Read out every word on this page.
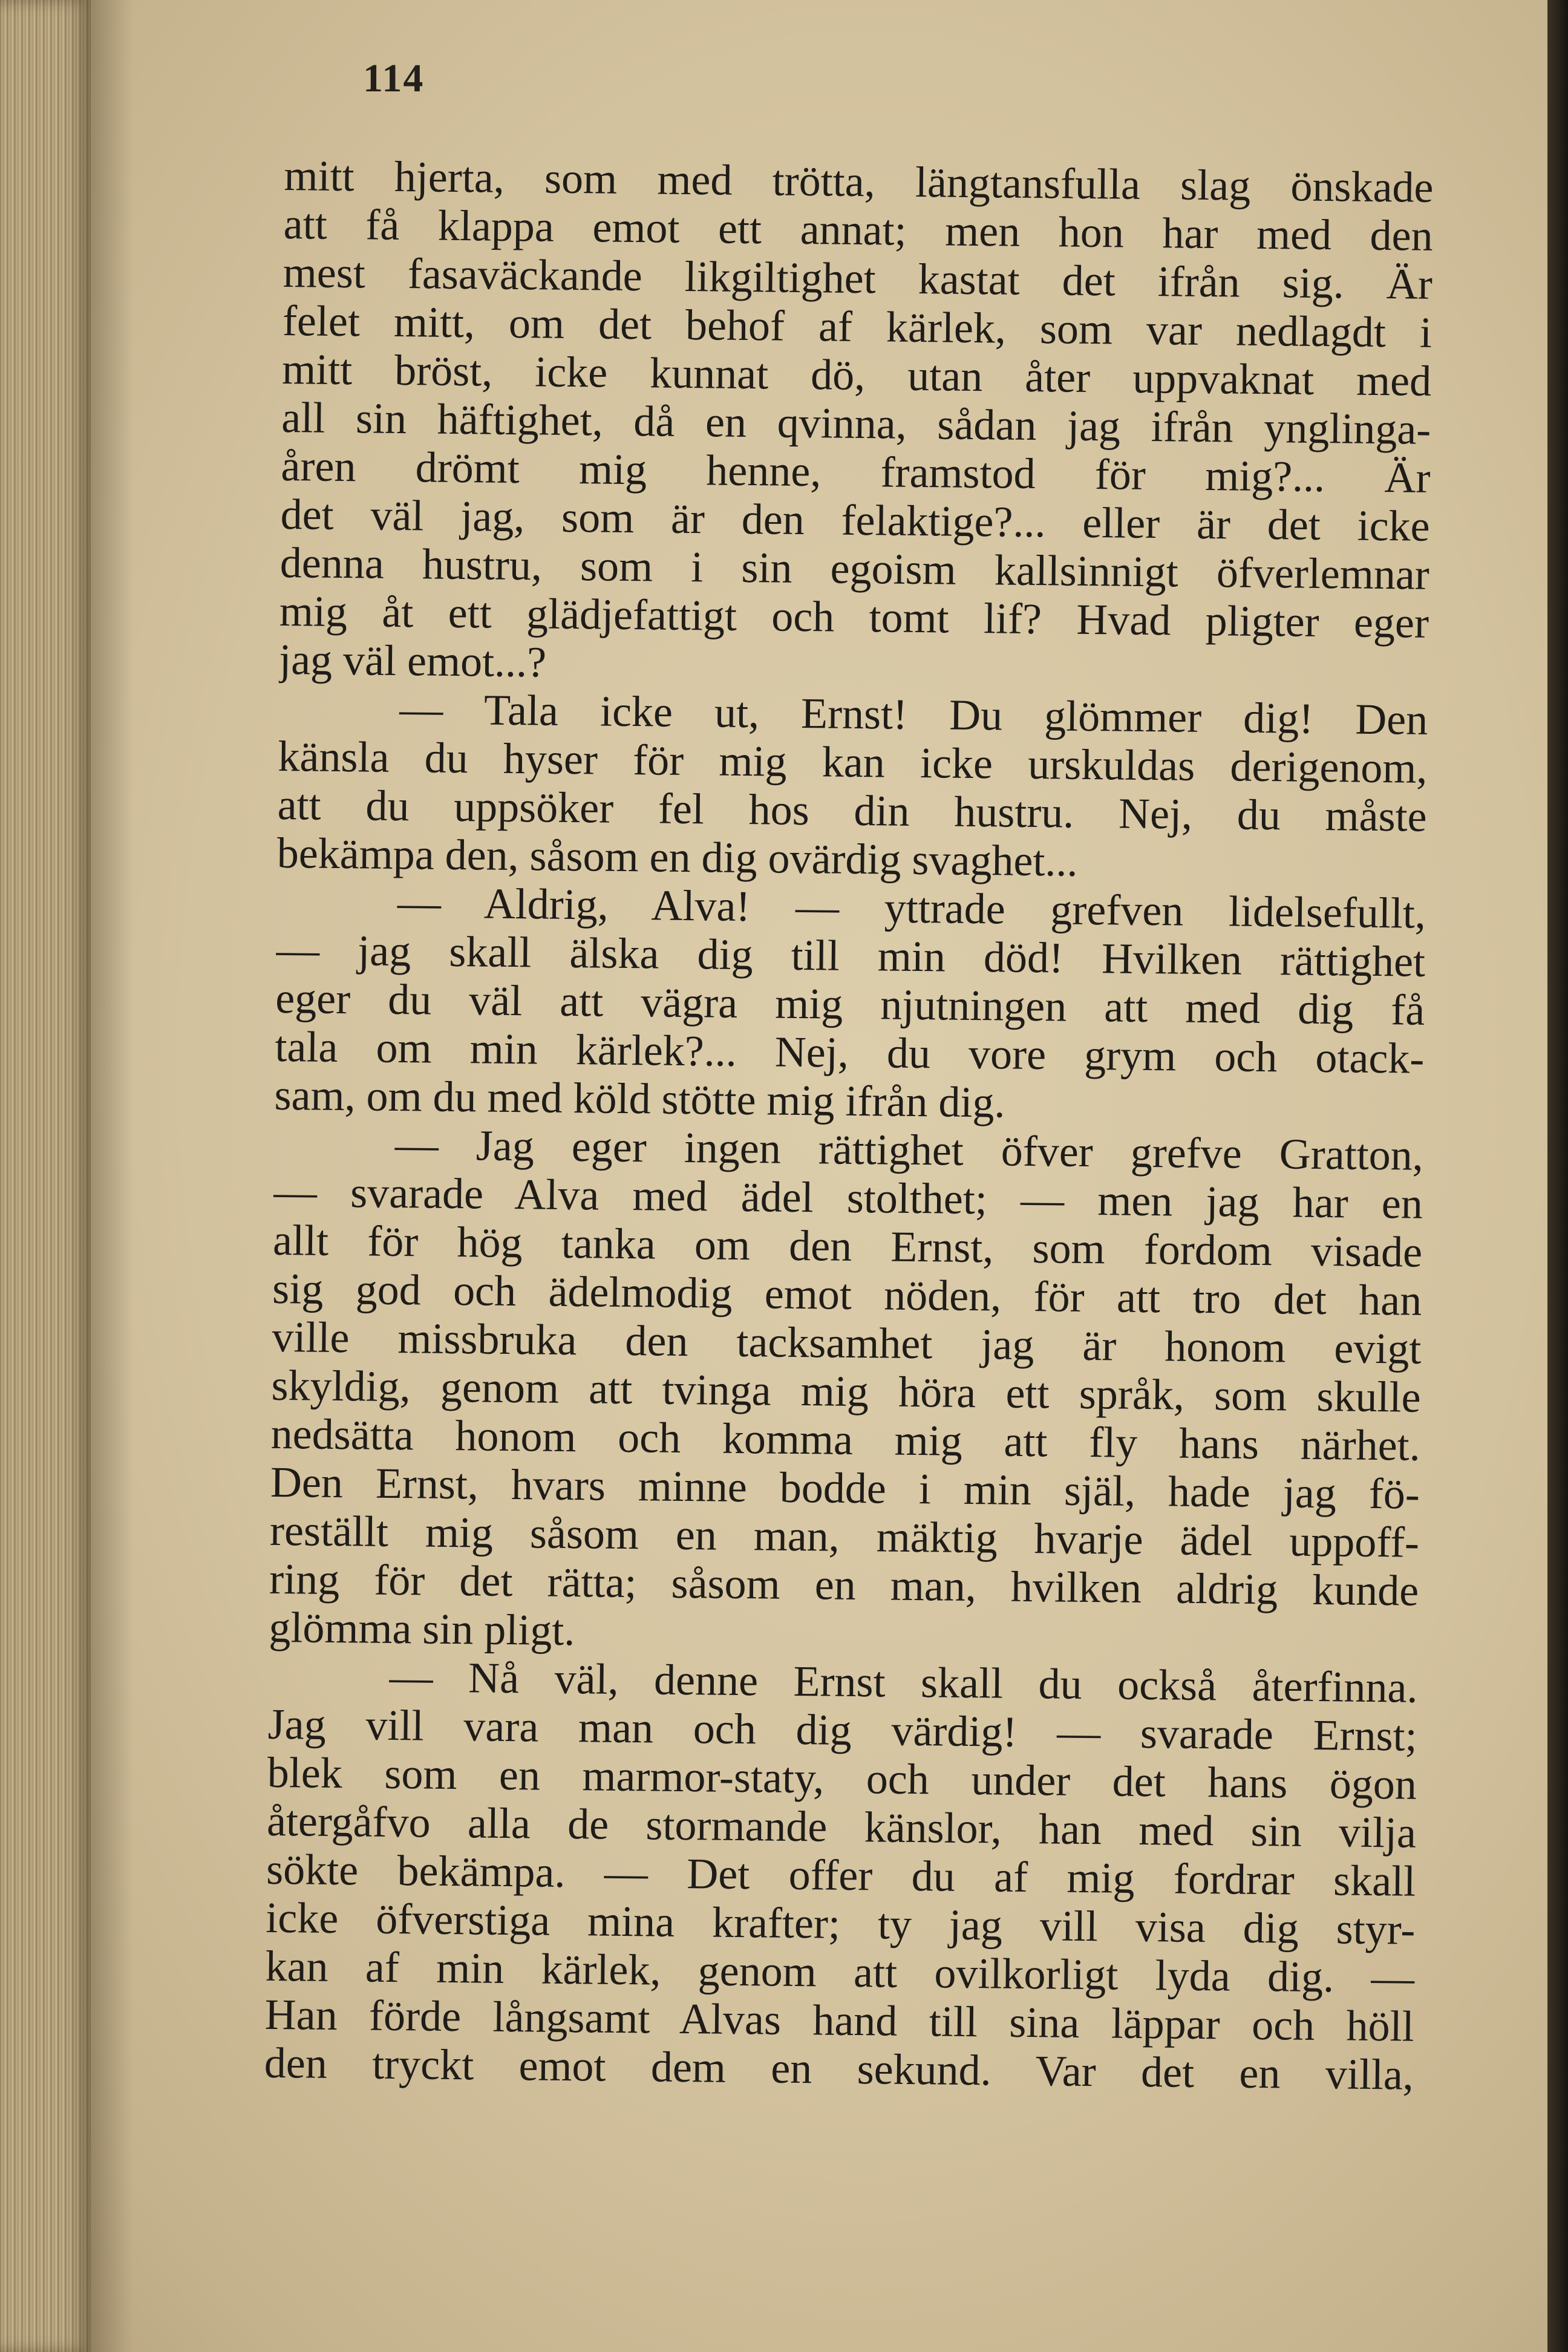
114
mitt hjerta, som med trötta, längtansfulla slag önskade
att få klappa emot ett annat; men hon har med den
mest fasaväckande likgiltighet kastat det ifrån sig. Är
felet mitt, om det behof af kärlek, som var nedlagdt i
mitt bröst, icke kunnat dö, utan åter uppvaknat med
all sin häftighet, då en qvinna, sådan jag ifrån ynglinga-
åren drömt mig henne, framstod för mig?... Är
det väl jag, som är den felaktige?... eller är det icke
denna hustru, som i sin egoism kallsinnigt öfverlemnar
mig åt ett glädjefattigt och tomt lif? Hvad pligter eger
jag väl emot...?
— Tala icke ut, Ernst! Du glömmer dig! Den
känsla du hyser för mig kan icke urskuldas derigenom,
att du uppsöker fel hos din hustru. Nej, du måste
bekämpa den, såsom en dig ovärdig svaghet...
— Aldrig, Alva! — yttrade grefven lidelsefullt,
— jag skall älska dig till min död! Hvilken rättighet
eger du väl att vägra mig njutningen att med dig få
tala om min kärlek?... Nej, du vore grym och otack-
sam, om du med köld stötte mig ifrån dig.
— Jag eger ingen rättighet öfver grefve Gratton,
— svarade Alva med ädel stolthet; — men jag har en
allt för hög tanka om den Ernst, som fordom visade
sig god och ädelmodig emot nöden, för att tro det han
ville missbruka den tacksamhet jag är honom evigt
skyldig, genom att tvinga mig höra ett språk, som skulle
nedsätta honom och komma mig att fly hans närhet.
Den Ernst, hvars minne bodde i min själ, hade jag fö-
reställt mig såsom en man, mäktig hvarje ädel uppoff-
ring för det rätta; såsom en man, hvilken aldrig kunde
glömma sin pligt.
— Nå väl, denne Ernst skall du också återfinna.
Jag vill vara man och dig värdig! — svarade Ernst;
blek som en marmor-staty, och under det hans ögon
återgåfvo alla de stormande känslor, han med sin vilja
sökte bekämpa. — Det offer du af mig fordrar skall
icke öfverstiga mina krafter; ty jag vill visa dig styr-
kan af min kärlek, genom att ovilkorligt lyda dig. —
Han förde långsamt Alvas hand till sina läppar och höll
den tryckt emot dem en sekund. Var det en villa,
